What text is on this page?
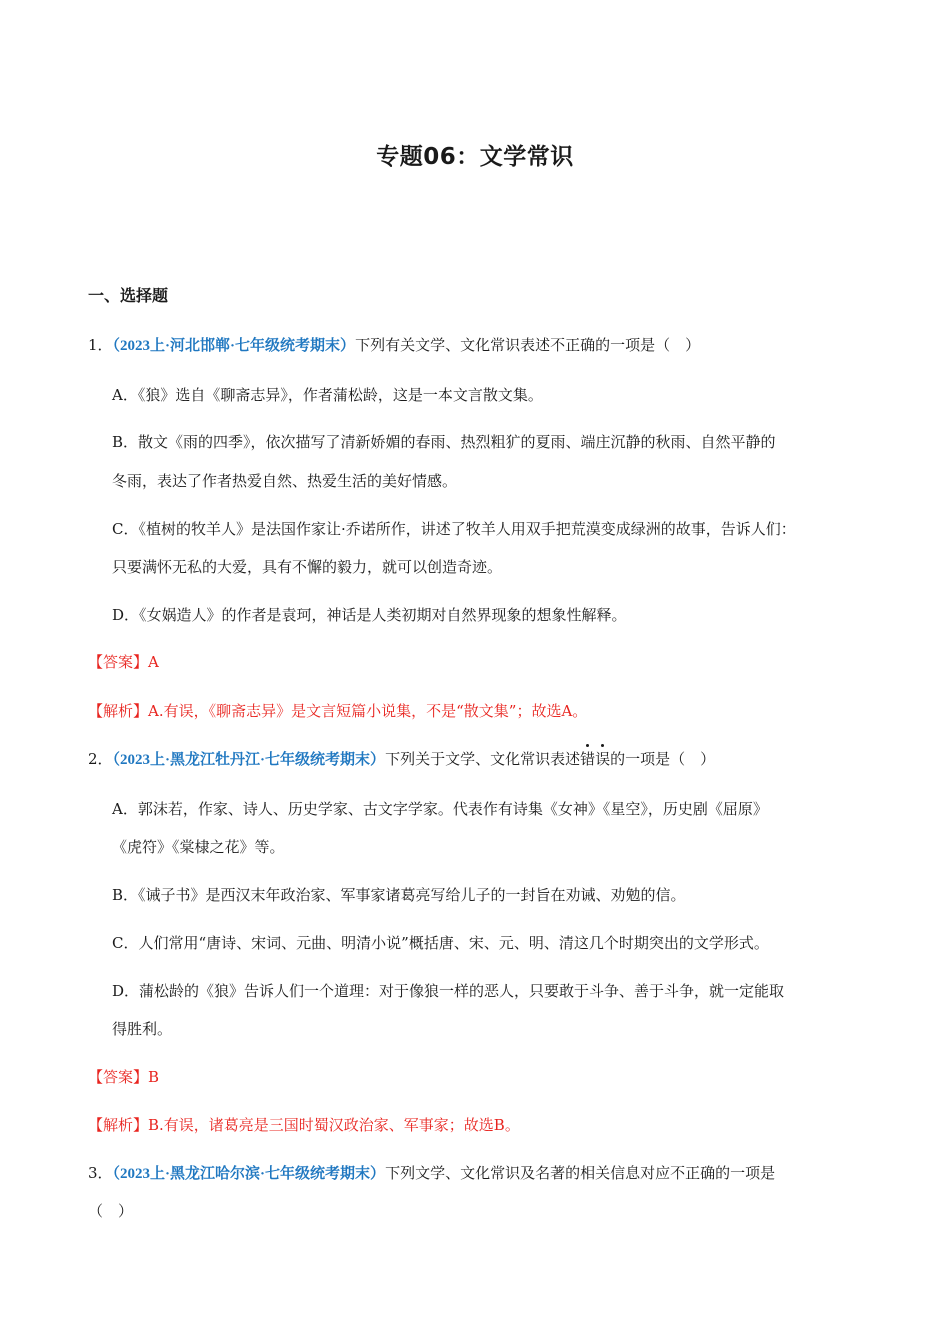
专题06：文学常识
一、选择题
1．（2023上·河北邯郸·七年级统考期末）下列有关文学、文化常识表述不正确的一项是（　）
A．《狼》选自《聊斋志异》，作者蒲松龄，这是一本文言散文集。
B．散文《雨的四季》，依次描写了清新娇媚的春雨、热烈粗犷的夏雨、端庄沉静的秋雨、自然平静的
冬雨，表达了作者热爱自然、热爱生活的美好情感。
C．《植树的牧羊人》是法国作家让·乔诺所作，讲述了牧羊人用双手把荒漠变成绿洲的故事，告诉人们：
只要满怀无私的大爱，具有不懈的毅力，就可以创造奇迹。
D．《女娲造人》的作者是袁珂，神话是人类初期对自然界现象的想象性解释。
【答案】A
【解析】A.有误，《聊斋志异》是文言短篇小说集，不是“散文集”；故选A。
2．（2023上·黑龙江牡丹江·七年级统考期末）下列关于文学、文化常识表述错误的一项是（　）
A．郭沫若，作家、诗人、历史学家、古文字学家。代表作有诗集《女神》《星空》，历史剧《屈原》
《虎符》《棠棣之花》等。
B．《诫子书》是西汉末年政治家、军事家诸葛亮写给儿子的一封旨在劝诫、劝勉的信。
C．人们常用“唐诗、宋词、元曲、明清小说”概括唐、宋、元、明、清这几个时期突出的文学形式。
D．蒲松龄的《狼》告诉人们一个道理：对于像狼一样的恶人，只要敢于斗争、善于斗争，就一定能取
得胜利。
【答案】B
【解析】B.有误，诸葛亮是三国时蜀汉政治家、军事家；故选B。
3．（2023上·黑龙江哈尔滨·七年级统考期末）下列文学、文化常识及名著的相关信息对应不正确的一项是
（　）
